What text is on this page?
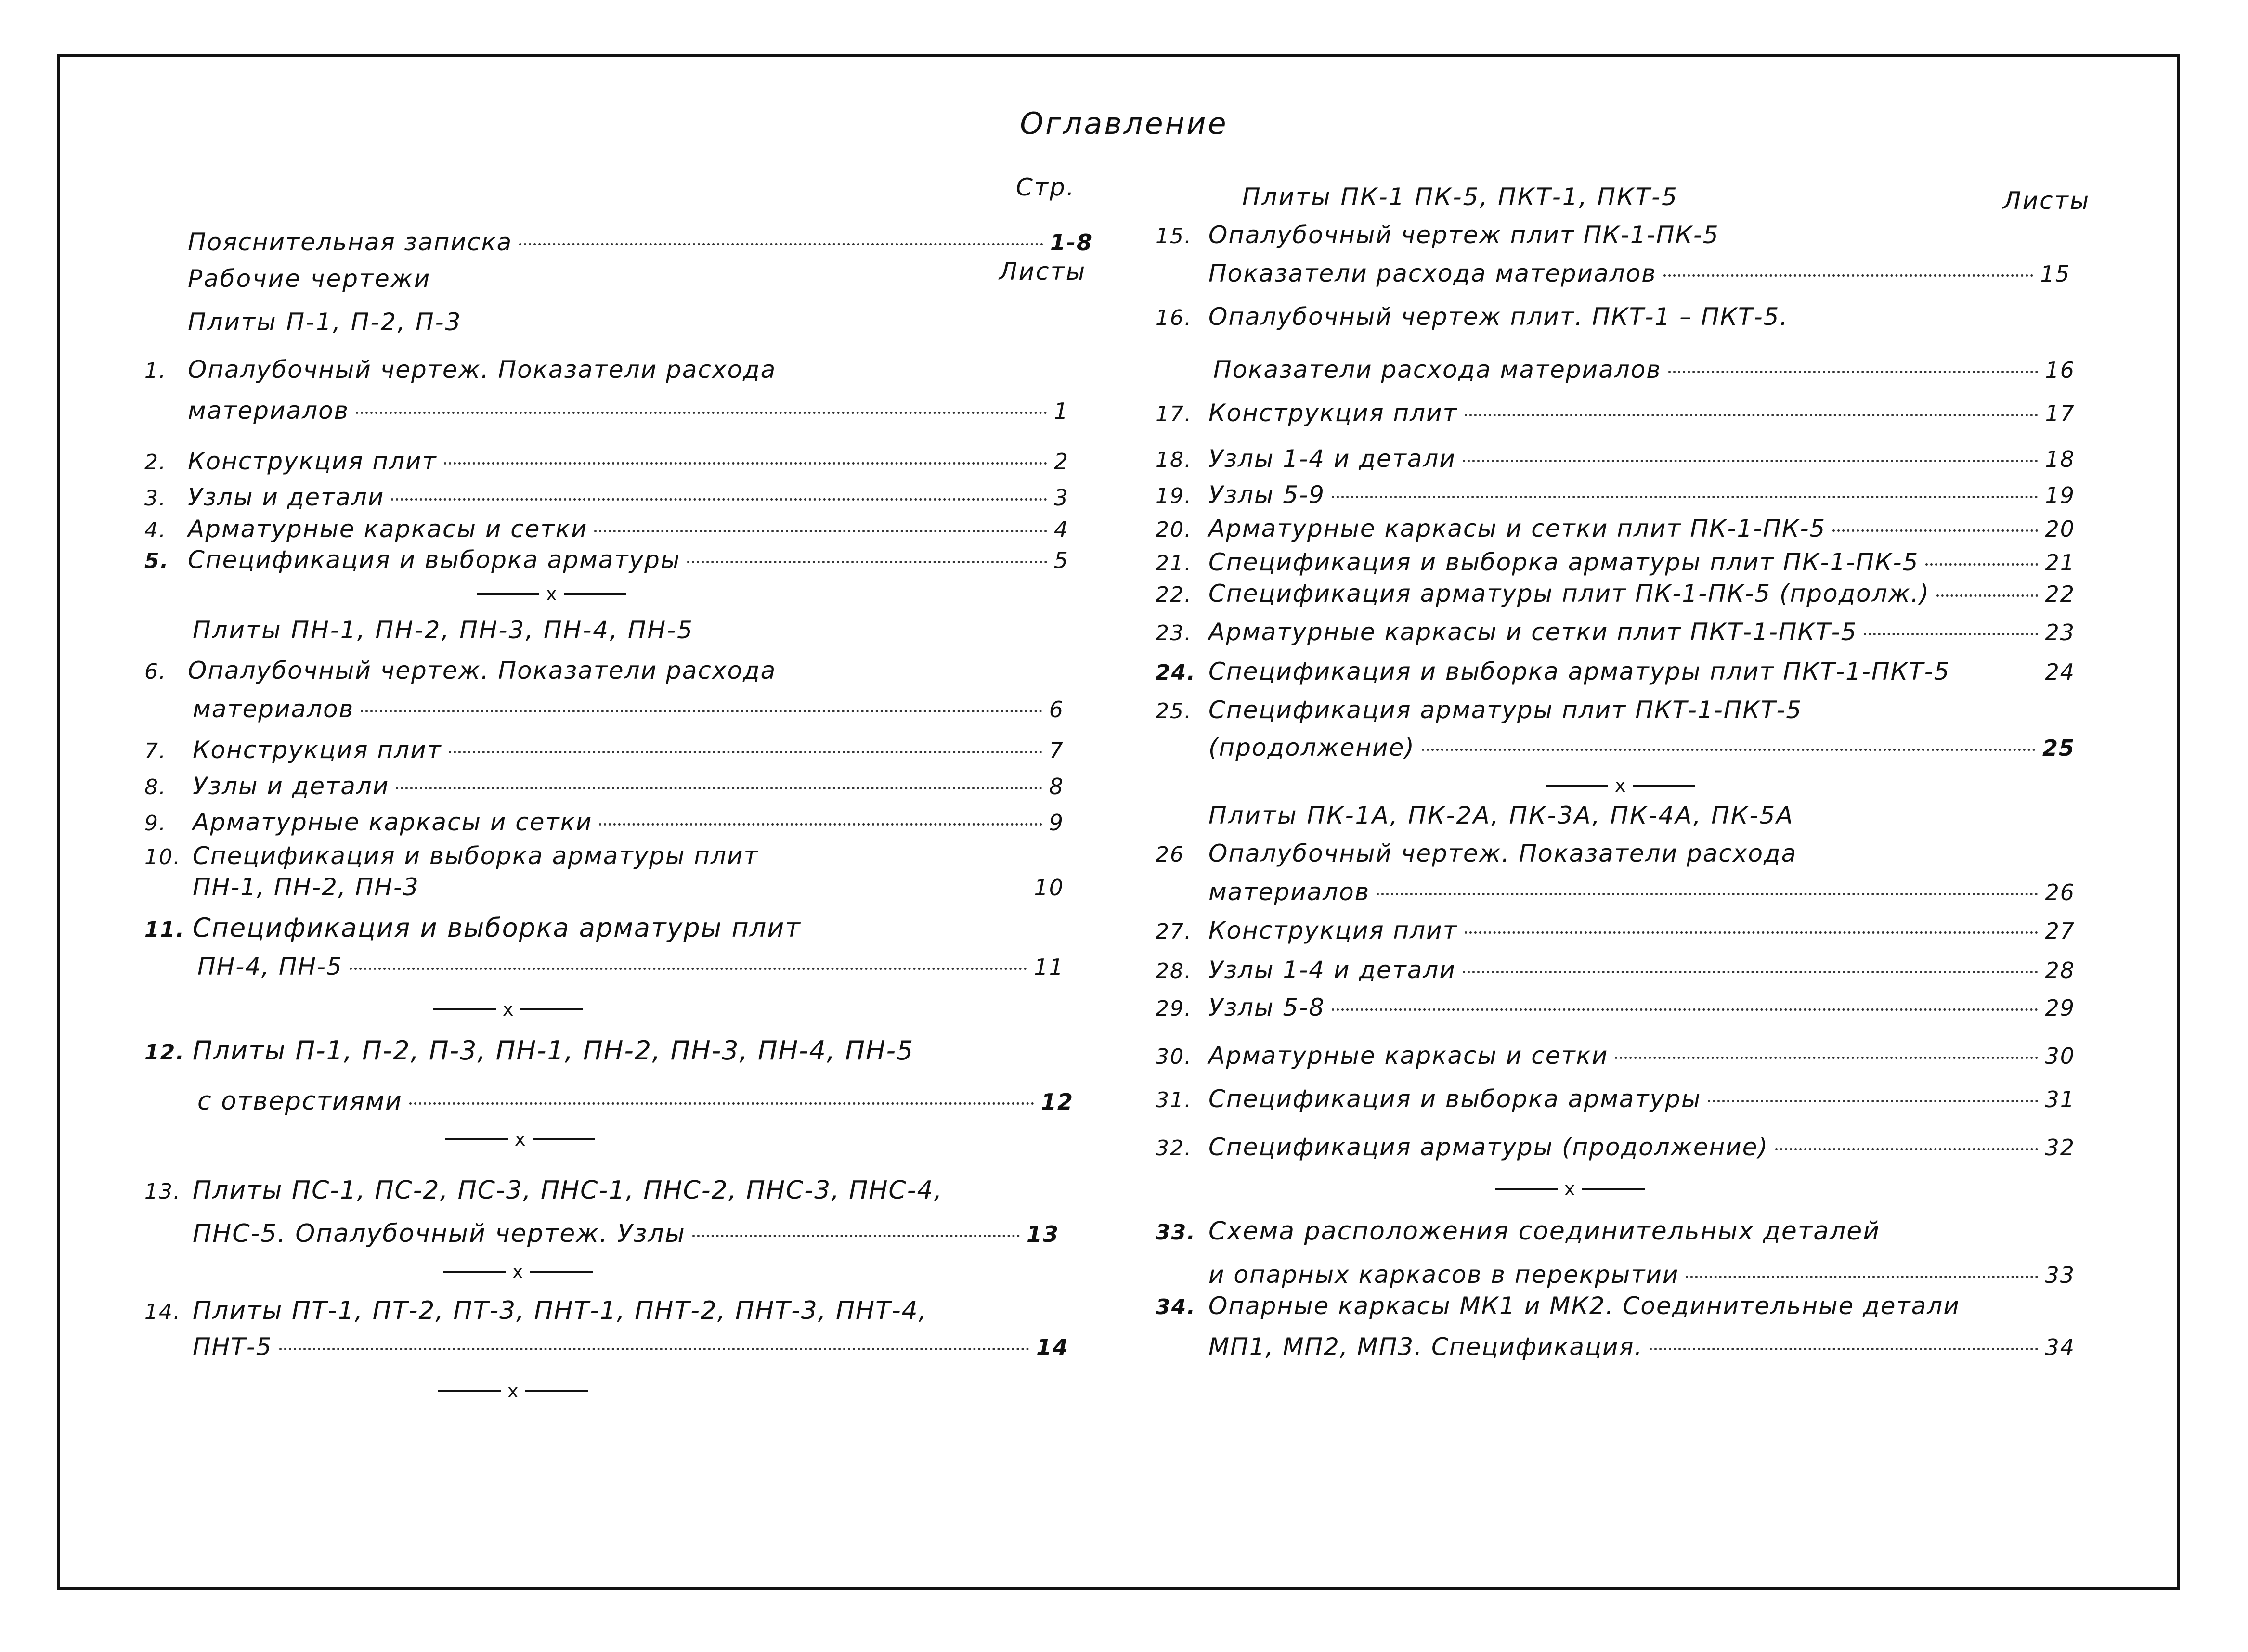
Оглавление
Стр.
Пояснительная записка	1-8
Рабочие чертежи	Листы
Плиты П-1, П-2, П-3
1. Опалубочный чертеж. Показатели расхода
материалов	1
2. Конструкция плит	2
3. Узлы и детали	3
4. Арматурные каркасы и сетки	4
5. Спецификация и выборка арматуры	5
x
Плиты ПН-1, ПН-2, ПН-3, ПН-4, ПН-5
6. Опалубочный чертеж. Показатели расхода
материалов	6
7.	Конструкция плит	7
8.	Узлы и детали	8
9.	Арматурные каркасы и сетки	9
10. Спецификация и выборка арматуры плит
ПН-1, ПН-2, ПН-3	10
11. Спецификация и выборка арматуры плит
ПН-4, ПН-5	11
x
12. Плиты П-1, П-2, П-3, ПН-1, ПН-2, ПН-3, ПН-4, ПН-5
с отверстиями	12
x
13. Плиты ПС-1, ПС-2, ПС-3, ПНС-1, ПНС-2, ПНС-3, ПНС-4,
ПНС-5. Опалубочный чертеж. Узлы	13
x
14. Плиты ПТ-1, ПТ-2, ПТ-3, ПНТ-1, ПНТ-2, ПНТ-3, ПНТ-4,
ПНТ-5	14
x
Плиты ПК-1 ПК-5, ПКТ-1, ПКТ-5	Листы
15. Опалубочный чертеж плит ПК-1-ПК-5
Показатели расхода материалов	15
16. Опалубочный чертеж плит. ПКТ-1 – ПКТ-5.
Показатели расхода материалов	16
17. Конструкция плит	17
18. Узлы 1-4 и детали	18
19. Узлы 5-9	19
20. Арматурные каркасы и сетки плит ПК-1-ПК-5	20
21. Спецификация и выборка арматуры плит ПК-1-ПК-5	21
22. Спецификация арматуры плит ПК-1-ПК-5 (продолж.)	22
23. Арматурные каркасы и сетки плит ПКТ-1-ПКТ-5	23
24. Спецификация и выборка арматуры плит ПКТ-1-ПКТ-5	24
25. Спецификация арматуры плит ПКТ-1-ПКТ-5
(продолжение)	25
x
Плиты ПК-1А, ПК-2А, ПК-3А, ПК-4А, ПК-5А
26	Опалубочный чертеж. Показатели расхода
материалов	26
27. Конструкция плит	27
28. Узлы 1-4 и детали	28
29. Узлы 5-8	29
30. Арматурные каркасы и сетки	30
31. Спецификация и выборка арматуры	31
32. Спецификация арматуры (продолжение)	32
x
33. Схема расположения соединительных деталей
и опарных каркасов в перекрытии	33
34. Опарные каркасы МК1 и МК2. Соединительные детали
МП1, МП2, МП3. Спецификация.	34
